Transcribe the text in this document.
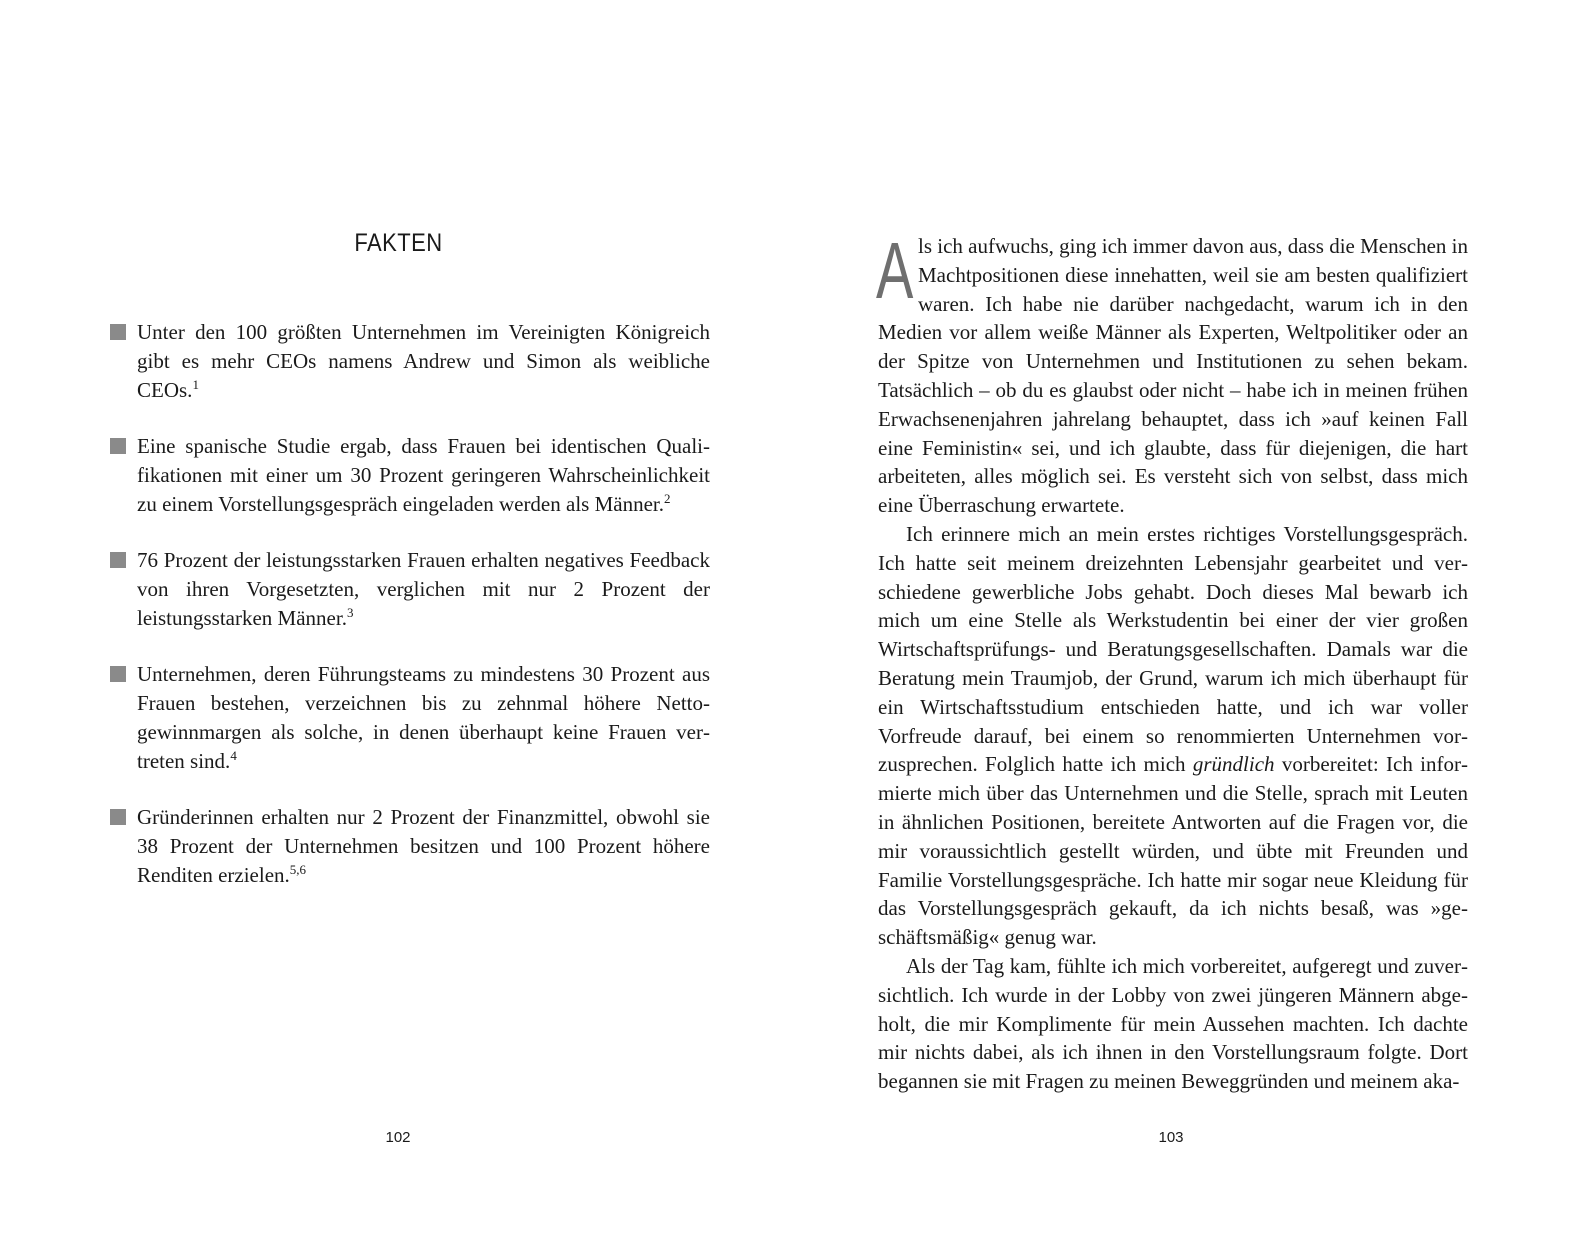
FAKTEN
Unter den 100 größten Unternehmen im Vereinigten Königreich gibt es mehr CEOs namens Andrew und Simon als weibliche CEOs.$^1$
Eine spanische Studie ergab, dass Frauen bei identischen Qualifikationen mit einer um 30 Prozent geringeren Wahrscheinlichkeit zu einem Vorstellungsgespräch eingeladen werden als Männer.$^2$
76 Prozent der leistungsstarken Frauen erhalten negatives Feedback von ihren Vorgesetzten, verglichen mit nur 2 Prozent der leistungsstarken Männer.$^3$
Unternehmen, deren Führungsteams zu mindestens 30 Prozent aus Frauen bestehen, verzeichnen bis zu zehnmal höhere Nettogewinnmargen als solche, in denen überhaupt keine Frauen vertreten sind.$^4$
Gründerinnen erhalten nur 2 Prozent der Finanzmittel, obwohl sie 38 Prozent der Unternehmen besitzen und 100 Prozent höhere Renditen erzielen.$^{5,6}$
102

Als ich aufwuchs, ging ich immer davon aus, dass die Menschen in Machtpositionen diese innehatten, weil sie am besten qualifiziert waren. Ich habe nie darüber nachgedacht, warum ich in den Medien vor allem weiße Männer als Experten, Weltpolitiker oder an der Spitze von Unternehmen und Institutionen zu sehen bekam. Tatsächlich – ob du es glaubst oder nicht – habe ich in meinen frühen Erwachsenenjahren jahrelang behauptet, dass ich »auf keinen Fall eine Feministin« sei, und ich glaubte, dass für diejenigen, die hart arbeiteten, alles möglich sei. Es versteht sich von selbst, dass mich eine Überraschung erwartete.

Ich erinnere mich an mein erstes richtiges Vorstellungsgespräch. Ich hatte seit meinem dreizehnten Lebensjahr gearbeitet und verschiedene gewerbliche Jobs gehabt. Doch dieses Mal bewarb ich mich um eine Stelle als Werkstudentin bei einer der vier großen Wirtschaftsprüfungs- und Beratungsgesellschaften. Damals war die Beratung mein Traumjob, der Grund, warum ich mich überhaupt für ein Wirtschaftsstudium entschieden hatte, und ich war voller Vorfreude darauf, bei einem so renommierten Unternehmen vorzusprechen. Folglich hatte ich mich gründlich vorbereitet: Ich informierte mich über das Unternehmen und die Stelle, sprach mit Leuten in ähnlichen Positionen, bereitete Antworten auf die Fragen vor, die mir voraussichtlich gestellt würden, und übte mit Freunden und Familie Vorstellungsgespräche. Ich hatte mir sogar neue Kleidung für das Vorstellungsgespräch gekauft, da ich nichts besaß, was »geschäftsmäßig« genug war.

Als der Tag kam, fühlte ich mich vorbereitet, aufgeregt und zuversichtlich. Ich wurde in der Lobby von zwei jüngeren Männern abgeholt, die mir Komplimente für mein Aussehen machten. Ich dachte mir nichts dabei, als ich ihnen in den Vorstellungsraum folgte. Dort begannen sie mit Fragen zu meinen Beweggründen und meinem aka-

103
